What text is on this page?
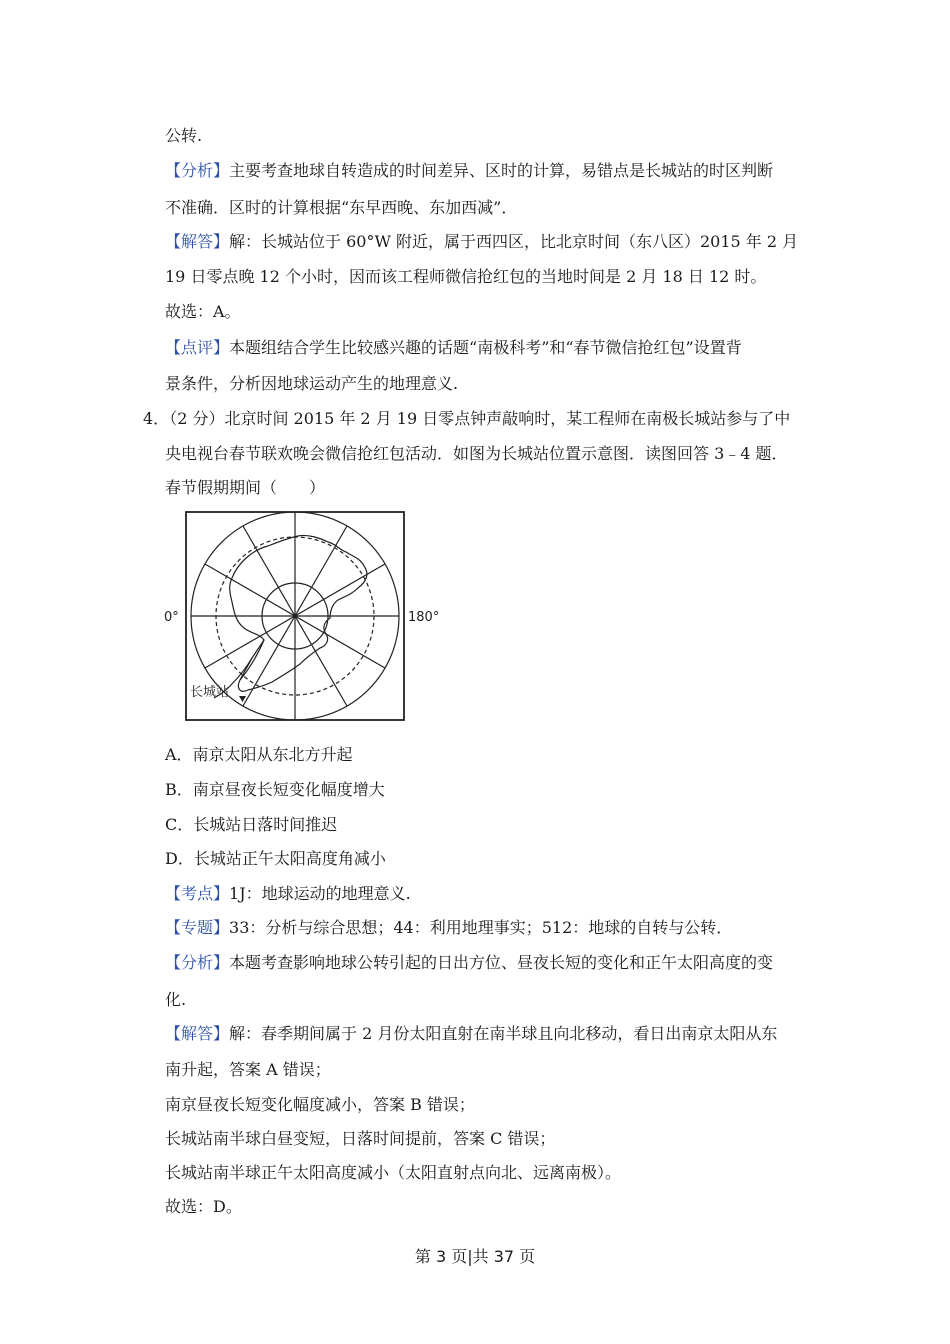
公转.
【分析】主要考查地球自转造成的时间差异、区时的计算，易错点是长城站的时区判断
不准确．区时的计算根据“东早西晚、东加西减”．
【解答】解：长城站位于 60°W 附近，属于西四区，比北京时间（东八区）2015 年 2 月
19 日零点晚 12 个小时，因而该工程师微信抢红包的当地时间是 2 月 18 日 12 时。
故选：A。
【点评】本题组结合学生比较感兴趣的话题“南极科考”和“春节微信抢红包”设置背
景条件，分析因地球运动产生的地理意义.
4．（2 分）北京时间 2015 年 2 月 19 日零点钟声敲响时，某工程师在南极长城站参与了中
央电视台春节联欢晚会微信抢红包活动．如图为长城站位置示意图．读图回答 3﹣4 题．
春节假期期间（　　）
0°	180°
长城站
A．南京太阳从东北方升起
B．南京昼夜长短变化幅度增大
C．长城站日落时间推迟
D．长城站正午太阳高度角减小
【考点】1J：地球运动的地理意义.
【专题】33：分析与综合思想；44：利用地理事实；512：地球的自转与公转．
【分析】本题考查影响地球公转引起的日出方位、昼夜长短的变化和正午太阳高度的变
化.
【解答】解：春季期间属于 2 月份太阳直射在南半球且向北移动，看日出南京太阳从东
南升起，答案 A 错误；
南京昼夜长短变化幅度减小，答案 B 错误；
长城站南半球白昼变短，日落时间提前，答案 C 错误；
长城站南半球正午太阳高度减小（太阳直射点向北、远离南极）。
故选：D。
第 3 页|共 37 页
